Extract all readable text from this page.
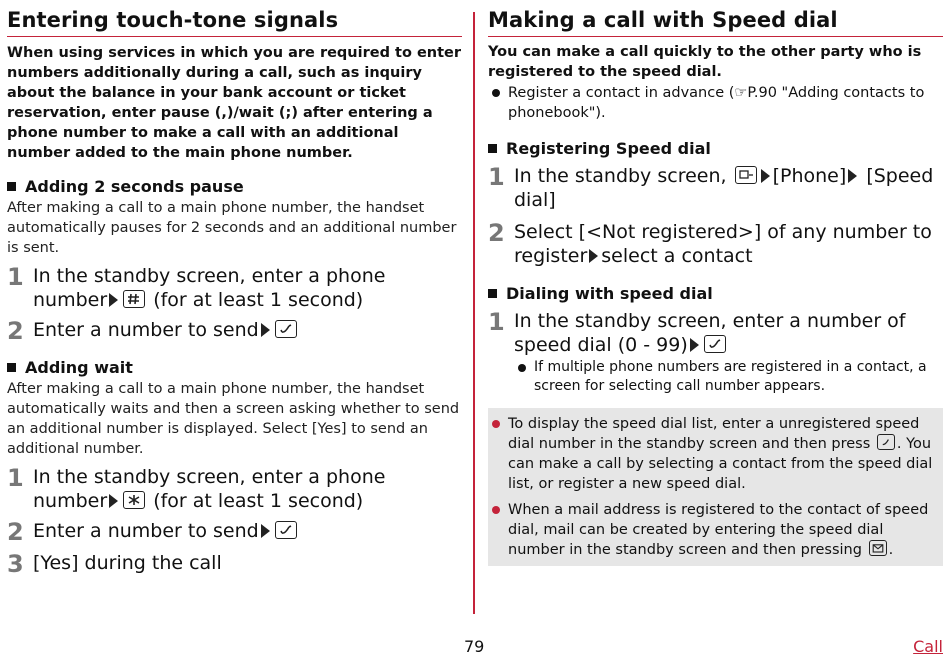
Entering touch-tone signals

When using services in which you are required to enter numbers additionally during a call, such as inquiry about the balance in your bank account or ticket reservation, enter pause (,)/wait (;) after entering a phone number to make a call with an additional number added to the main phone number.

Adding 2 seconds pause

After making a call to a main phone number, the handset automatically pauses for 2 seconds and an additional number is sent.

1 In the standby screen, enter a phone number (for at least 1 second)
2 Enter a number to send
Adding wait

After making a call to a main phone number, the handset automatically waits and then a screen asking whether to send an additional number is displayed. Select [Yes] to send an additional number.

1 In the standby screen, enter a phone number (for at least 1 second)
2 Enter a number to send
3 [Yes] during the call
Making a call with Speed dial

You can make a call quickly to the other party who is registered to the speed dial.

Register a contact in advance (☞P.90 "Adding contacts to phonebook").
Registering Speed dial
1 In the standby screen, [Phone] [Speed dial]
2 Select [<Not registered>] of any number to register select a contact
Dialing with speed dial
1 In the standby screen, enter a number of speed dial (0 - 99)
If multiple phone numbers are registered in a contact, a screen for selecting call number appears.
To display the speed dial list, enter a unregistered speed dial number in the standby screen and then press . You can make a call by selecting a contact from the speed dial list, or register a new speed dial.
When a mail address is registered to the contact of speed dial, mail can be created by entering the speed dial number in the standby screen and then pressing .
79	Call
